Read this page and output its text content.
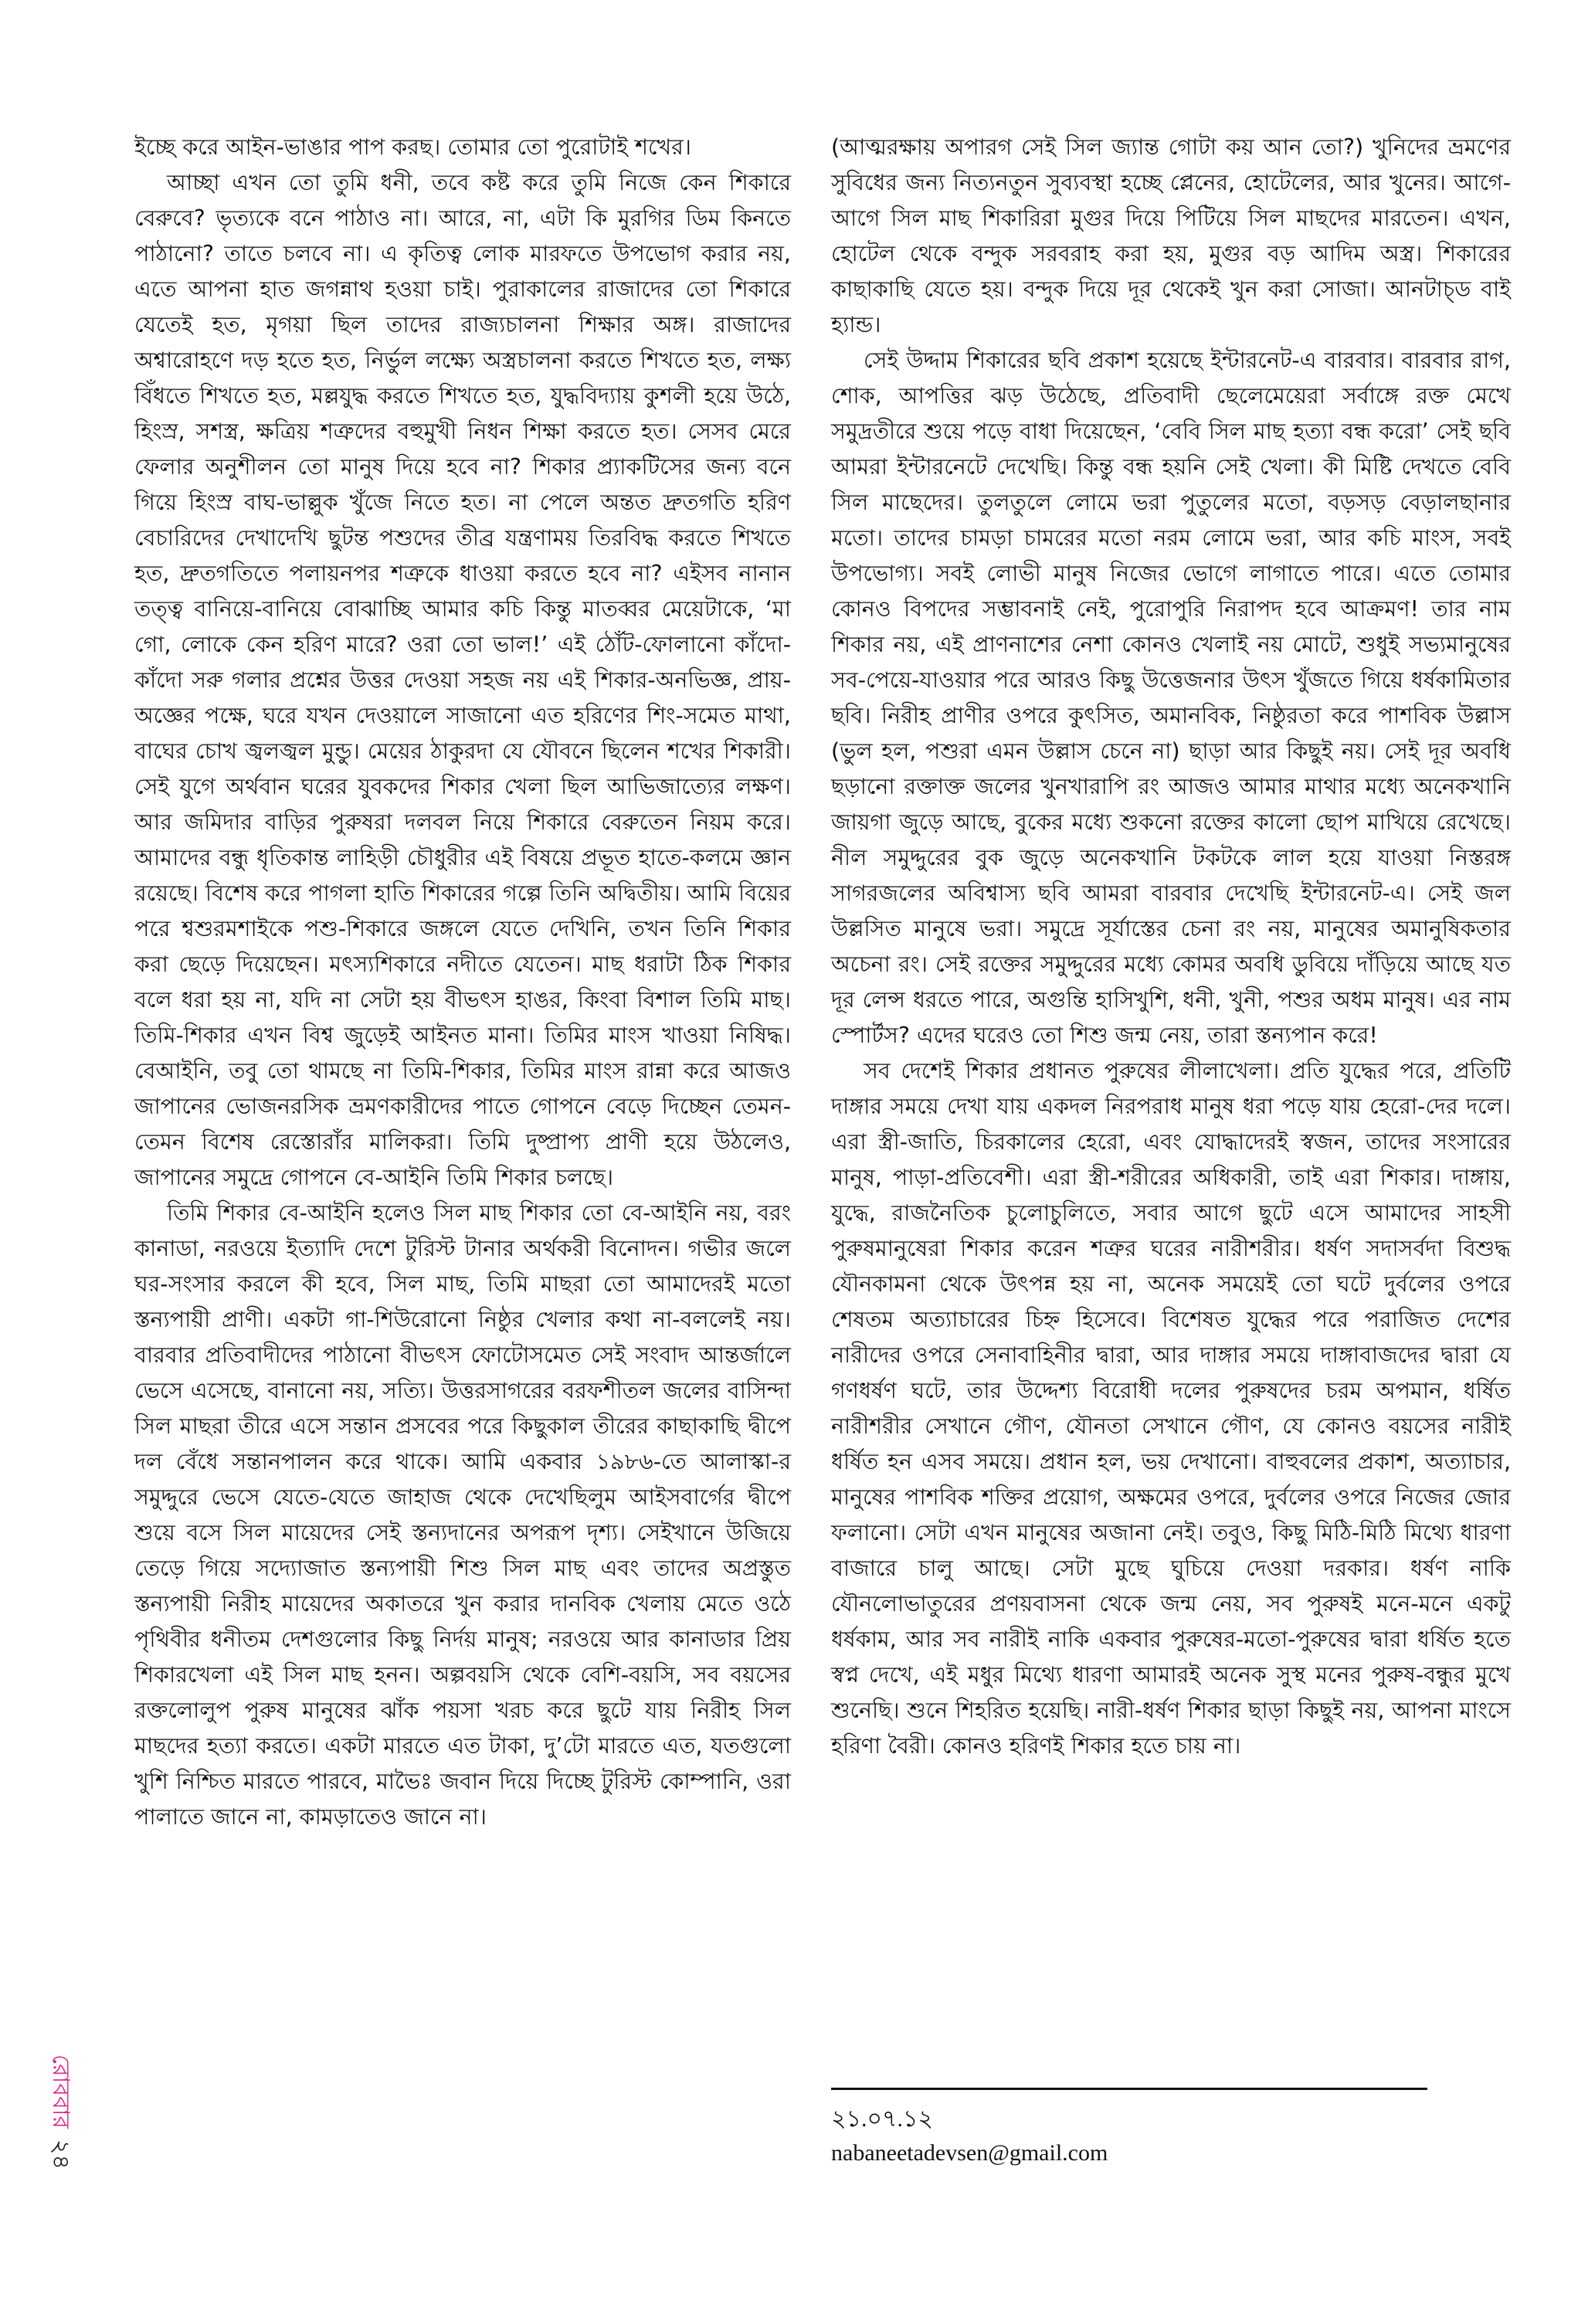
ইচ্ছে করে আইন-ভাঙার পাপ করছ। তোমার তো পুরোটাই শখের।

আচ্ছা এখন তো তুমি ধনী, তবে কষ্ট করে তুমি নিজে কেন শিকারে বেরুবে? ভৃত্যকে বনে পাঠাও না। আরে, না, এটা কি মুরগির ডিম কিনতে পাঠানো? তাতে চলবে না। এ কৃতিত্ব লোক মারফতে উপভোগ করার নয়, এতে আপনা হাত জগন্নাথ হওয়া চাই। পুরাকালের রাজাদের তো শিকারে যেতেই হত, মৃগয়া ছিল তাদের রাজ্যচালনা শিক্ষার অঙ্গ। রাজাদের অশ্বারোহণে দড় হতে হত, নির্ভুল লক্ষ্যে অস্ত্রচালনা করতে শিখতে হত, লক্ষ্য বিঁধতে শিখতে হত, মল্লযুদ্ধ করতে শিখতে হত, যুদ্ধবিদ্যায় কুশলী হয়ে উঠে, হিংস্র, সশস্ত্র, ক্ষত্রিয় শত্রুদের বহুমুখী নিধন শিক্ষা করতে হত। সেসব মেরে ফেলার অনুশীলন তো মানুষ দিয়ে হবে না? শিকার প্র্যাকটিসের জন্য বনে গিয়ে হিংস্র বাঘ-ভাল্লুক খুঁজে নিতে হত। না পেলে অন্তত দ্রুতগতি হরিণ বেচারিদের দেখাদেখি ছুটন্ত পশুদের তীব্র যন্ত্রণাময় তিরবিদ্ধ করতে শিখতে হত, দ্রুতগতিতে পলায়নপর শত্রুকে ধাওয়া করতে হবে না? এইসব নানান তত্ত্ব বানিয়ে-বানিয়ে বোঝাচ্ছি আমার কচি কিন্তু মাতব্বর মেয়েটাকে, ‘মা গো, লোকে কেন হরিণ মারে? ওরা তো ভাল!’ এই ঠোঁট-ফোলানো কাঁদো-কাঁদো সরু গলার প্রশ্নের উত্তর দেওয়া সহজ নয় এই শিকার-অনভিজ্ঞ, প্রায়-অজ্ঞের পক্ষে, ঘরে যখন দেওয়ালে সাজানো এত হরিণের শিং-সমেত মাথা, বাঘের চোখ জ্বলজ্বল মুন্ডু। মেয়ের ঠাকুরদা যে যৌবনে ছিলেন শখের শিকারী। সেই যুগে অর্থবান ঘরের যুবকদের শিকার খেলা ছিল আভিজাত্যের লক্ষণ। আর জমিদার বাড়ির পুরুষরা দলবল নিয়ে শিকারে বেরুতেন নিয়ম করে। আমাদের বন্ধু ধৃতিকান্ত লাহিড়ী চৌধুরীর এই বিষয়ে প্রভূত হাতে-কলমে জ্ঞান রয়েছে। বিশেষ করে পাগলা হাতি শিকারের গল্পে তিনি অদ্বিতীয়। আমি বিয়ের পরে শ্বশুরমশাইকে পশু-শিকারে জঙ্গলে যেতে দেখিনি, তখন তিনি শিকার করা ছেড়ে দিয়েছেন। মৎস্যশিকারে নদীতে যেতেন। মাছ ধরাটা ঠিক শিকার বলে ধরা হয় না, যদি না সেটা হয় বীভৎস হাঙর, কিংবা বিশাল তিমি মাছ। তিমি-শিকার এখন বিশ্ব জুড়েই আইনত মানা। তিমির মাংস খাওয়া নিষিদ্ধ। বেআইনি, তবু তো থামছে না তিমি-শিকার, তিমির মাংস রান্না করে আজও জাপানের ভোজনরসিক ভ্রমণকারীদের পাতে গোপনে বেড়ে দিচ্ছেন তেমন-তেমন বিশেষ রেস্তোরাঁর মালিকরা। তিমি দুষ্প্রাপ্য প্রাণী হয়ে উঠলেও, জাপানের সমুদ্রে গোপনে বে-আইনি তিমি শিকার চলছে।

তিমি শিকার বে-আইনি হলেও সিল মাছ শিকার তো বে-আইনি নয়, বরং কানাডা, নরওয়ে ইত্যাদি দেশে টুরিস্ট টানার অর্থকরী বিনোদন। গভীর জলে ঘর-সংসার করলে কী হবে, সিল মাছ, তিমি মাছরা তো আমাদেরই মতো স্তন্যপায়ী প্রাণী। একটা গা-শিউরোনো নিষ্ঠুর খেলার কথা না-বললেই নয়। বারবার প্রতিবাদীদের পাঠানো বীভৎস ফোটোসমেত সেই সংবাদ আন্তর্জালে ভেসে এসেছে, বানানো নয়, সত্যি। উত্তরসাগরের বরফশীতল জলের বাসিন্দা সিল মাছরা তীরে এসে সন্তান প্রসবের পরে কিছুকাল তীরের কাছাকাছি দ্বীপে দল বেঁধে সন্তানপালন করে থাকে। আমি একবার ১৯৮৬-তে আলাস্কা-র সমুদ্দুরে ভেসে যেতে-যেতে জাহাজ থেকে দেখেছিলুম আইসবার্গের দ্বীপে শুয়ে বসে সিল মায়েদের সেই স্তন্যদানের অপরূপ দৃশ্য। সেইখানে উজিয়ে তেড়ে গিয়ে সদ্যোজাত স্তন্যপায়ী শিশু সিল মাছ এবং তাদের অপ্রস্তুত স্তন্যপায়ী নিরীহ মায়েদের অকাতরে খুন করার দানবিক খেলায় মেতে ওঠে পৃথিবীর ধনীতম দেশগুলোর কিছু নির্দয় মানুষ; নরওয়ে আর কানাডার প্রিয় শিকারখেলা এই সিল মাছ হনন। অল্পবয়সি থেকে বেশি-বয়সি, সব বয়সের রক্তলোলুপ পুরুষ মানুষের ঝাঁক পয়সা খরচ করে ছুটে যায় নিরীহ সিল মাছদের হত্যা করতে। একটা মারতে এত টাকা, দু’টো মারতে এত, যতগুলো খুশি নিশ্চিত মারতে পারবে, মাভৈঃ জবান দিয়ে দিচ্ছে টুরিস্ট কোম্পানি, ওরা পালাতে জানে না, কামড়াতেও জানে না।

(আত্মরক্ষায় অপারগ সেই সিল জ্যান্ত গোটা কয় আন তো?) খুনিদের ভ্রমণের সুবিধের জন্য নিত্যনতুন সুব্যবস্থা হচ্ছে প্লেনের, হোটেলের, আর খুনের। আগে-আগে সিল মাছ শিকারিরা মুগুর দিয়ে পিটিয়ে সিল মাছদের মারতেন। এখন, হোটেল থেকে বন্দুক সরবরাহ করা হয়, মুগুর বড় আদিম অস্ত্র। শিকারের কাছাকাছি যেতে হয়। বন্দুক দিয়ে দূর থেকেই খুন করা সোজা। আনটাচ্‌ড বাই হ্যান্ড।

সেই উদ্দাম শিকারের ছবি প্রকাশ হয়েছে ইন্টারনেট-এ বারবার। বারবার রাগ, শোক, আপত্তির ঝড় উঠেছে, প্রতিবাদী ছেলেমেয়েরা সর্বাঙ্গে রক্ত মেখে সমুদ্রতীরে শুয়ে পড়ে বাধা দিয়েছেন, ‘বেবি সিল মাছ হত্যা বন্ধ করো’ সেই ছবি আমরা ইন্টারনেটে দেখেছি। কিন্তু বন্ধ হয়নি সেই খেলা। কী মিষ্টি দেখতে বেবি সিল মাছেদের। তুলতুলে লোমে ভরা পুতুলের মতো, বড়সড় বেড়ালছানার মতো। তাদের চামড়া চামরের মতো নরম লোমে ভরা, আর কচি মাংস, সবই উপভোগ্য। সবই লোভী মানুষ নিজের ভোগে লাগাতে পারে। এতে তোমার কোনও বিপদের সম্ভাবনাই নেই, পুরোপুরি নিরাপদ হবে আক্রমণ! তার নাম শিকার নয়, এই প্রাণনাশের নেশা কোনও খেলাই নয় মোটে, শুধুই সভ্যমানুষের সব-পেয়ে-যাওয়ার পরে আরও কিছু উত্তেজনার উৎস খুঁজতে গিয়ে ধর্ষকামিতার ছবি। নিরীহ প্রাণীর ওপরে কুৎসিত, অমানবিক, নিষ্ঠুরতা করে পাশবিক উল্লাস (ভুল হল, পশুরা এমন উল্লাস চেনে না) ছাড়া আর কিছুই নয়। সেই দূর অবধি ছড়ানো রক্তাক্ত জলের খুনখারাপি রং আজও আমার মাথার মধ্যে অনেকখানি জায়গা জুড়ে আছে, বুকের মধ্যে শুকনো রক্তের কালো ছোপ মাখিয়ে রেখেছে। নীল সমুদ্দুরের বুক জুড়ে অনেকখানি টকটকে লাল হয়ে যাওয়া নিস্তরঙ্গ সাগরজলের অবিশ্বাস্য ছবি আমরা বারবার দেখেছি ইন্টারনেট-এ। সেই জল উল্লসিত মানুষে ভরা। সমুদ্রে সূর্যাস্তের চেনা রং নয়, মানুষের অমানুষিকতার অচেনা রং। সেই রক্তের সমুদ্দুরের মধ্যে কোমর অবধি ডুবিয়ে দাঁড়িয়ে আছে যত দূর লেন্স ধরতে পারে, অগুন্তি হাসিখুশি, ধনী, খুনী, পশুর অধম মানুষ। এর নাম স্পোর্টস? এদের ঘরেও তো শিশু জন্ম নেয়, তারা স্তন্যপান করে!

সব দেশেই শিকার প্রধানত পুরুষের লীলাখেলা। প্রতি যুদ্ধের পরে, প্রতিটি দাঙ্গার সময়ে দেখা যায় একদল নিরপরাধ মানুষ ধরা পড়ে যায় হেরো-দের দলে। এরা স্ত্রী-জাতি, চিরকালের হেরো, এবং যোদ্ধাদেরই স্বজন, তাদের সংসারের মানুষ, পাড়া-প্রতিবেশী। এরা স্ত্রী-শরীরের অধিকারী, তাই এরা শিকার। দাঙ্গায়, যুদ্ধে, রাজনৈতিক চুলোচুলিতে, সবার আগে ছুটে এসে আমাদের সাহসী পুরুষমানুষেরা শিকার করেন শত্রুর ঘরের নারীশরীর। ধর্ষণ সদাসর্বদা বিশুদ্ধ যৌনকামনা থেকে উৎপন্ন হয় না, অনেক সময়েই তো ঘটে দুর্বলের ওপরে শেষতম অত্যাচারের চিহ্ন হিসেবে। বিশেষত যুদ্ধের পরে পরাজিত দেশের নারীদের ওপরে সেনাবাহিনীর দ্বারা, আর দাঙ্গার সময়ে দাঙ্গাবাজদের দ্বারা যে গণধর্ষণ ঘটে, তার উদ্দেশ্য বিরোধী দলের পুরুষদের চরম অপমান, ধর্ষিত নারীশরীর সেখানে গৌণ, যৌনতা সেখানে গৌণ, যে কোনও বয়সের নারীই ধর্ষিত হন এসব সময়ে। প্রধান হল, ভয় দেখানো। বাহুবলের প্রকাশ, অত্যাচার, মানুষের পাশবিক শক্তির প্রয়োগ, অক্ষমের ওপরে, দুর্বলের ওপরে নিজের জোর ফলানো। সেটা এখন মানুষের অজানা নেই। তবুও, কিছু মিঠি-মিঠি মিথ্যে ধারণা বাজারে চালু আছে। সেটা মুছে ঘুচিয়ে দেওয়া দরকার। ধর্ষণ নাকি যৌনলোভাতুরের প্রণয়বাসনা থেকে জন্ম নেয়, সব পুরুষই মনে-মনে একটু ধর্ষকাম, আর সব নারীই নাকি একবার পুরুষের-মতো-পুরুষের দ্বারা ধর্ষিত হতে স্বপ্ন দেখে, এই মধুর মিথ্যে ধারণা আমারই অনেক সুস্থ মনের পুরুষ-বন্ধুর মুখে শুনেছি। শুনে শিহরিত হয়েছি। নারী-ধর্ষণ শিকার ছাড়া কিছুই নয়, আপনা মাংসে হরিণা বৈরী। কোনও হরিণই শিকার হতে চায় না।

২১.০৭.১২
nabaneetadevsen@gmail.com
রোববার২৪
